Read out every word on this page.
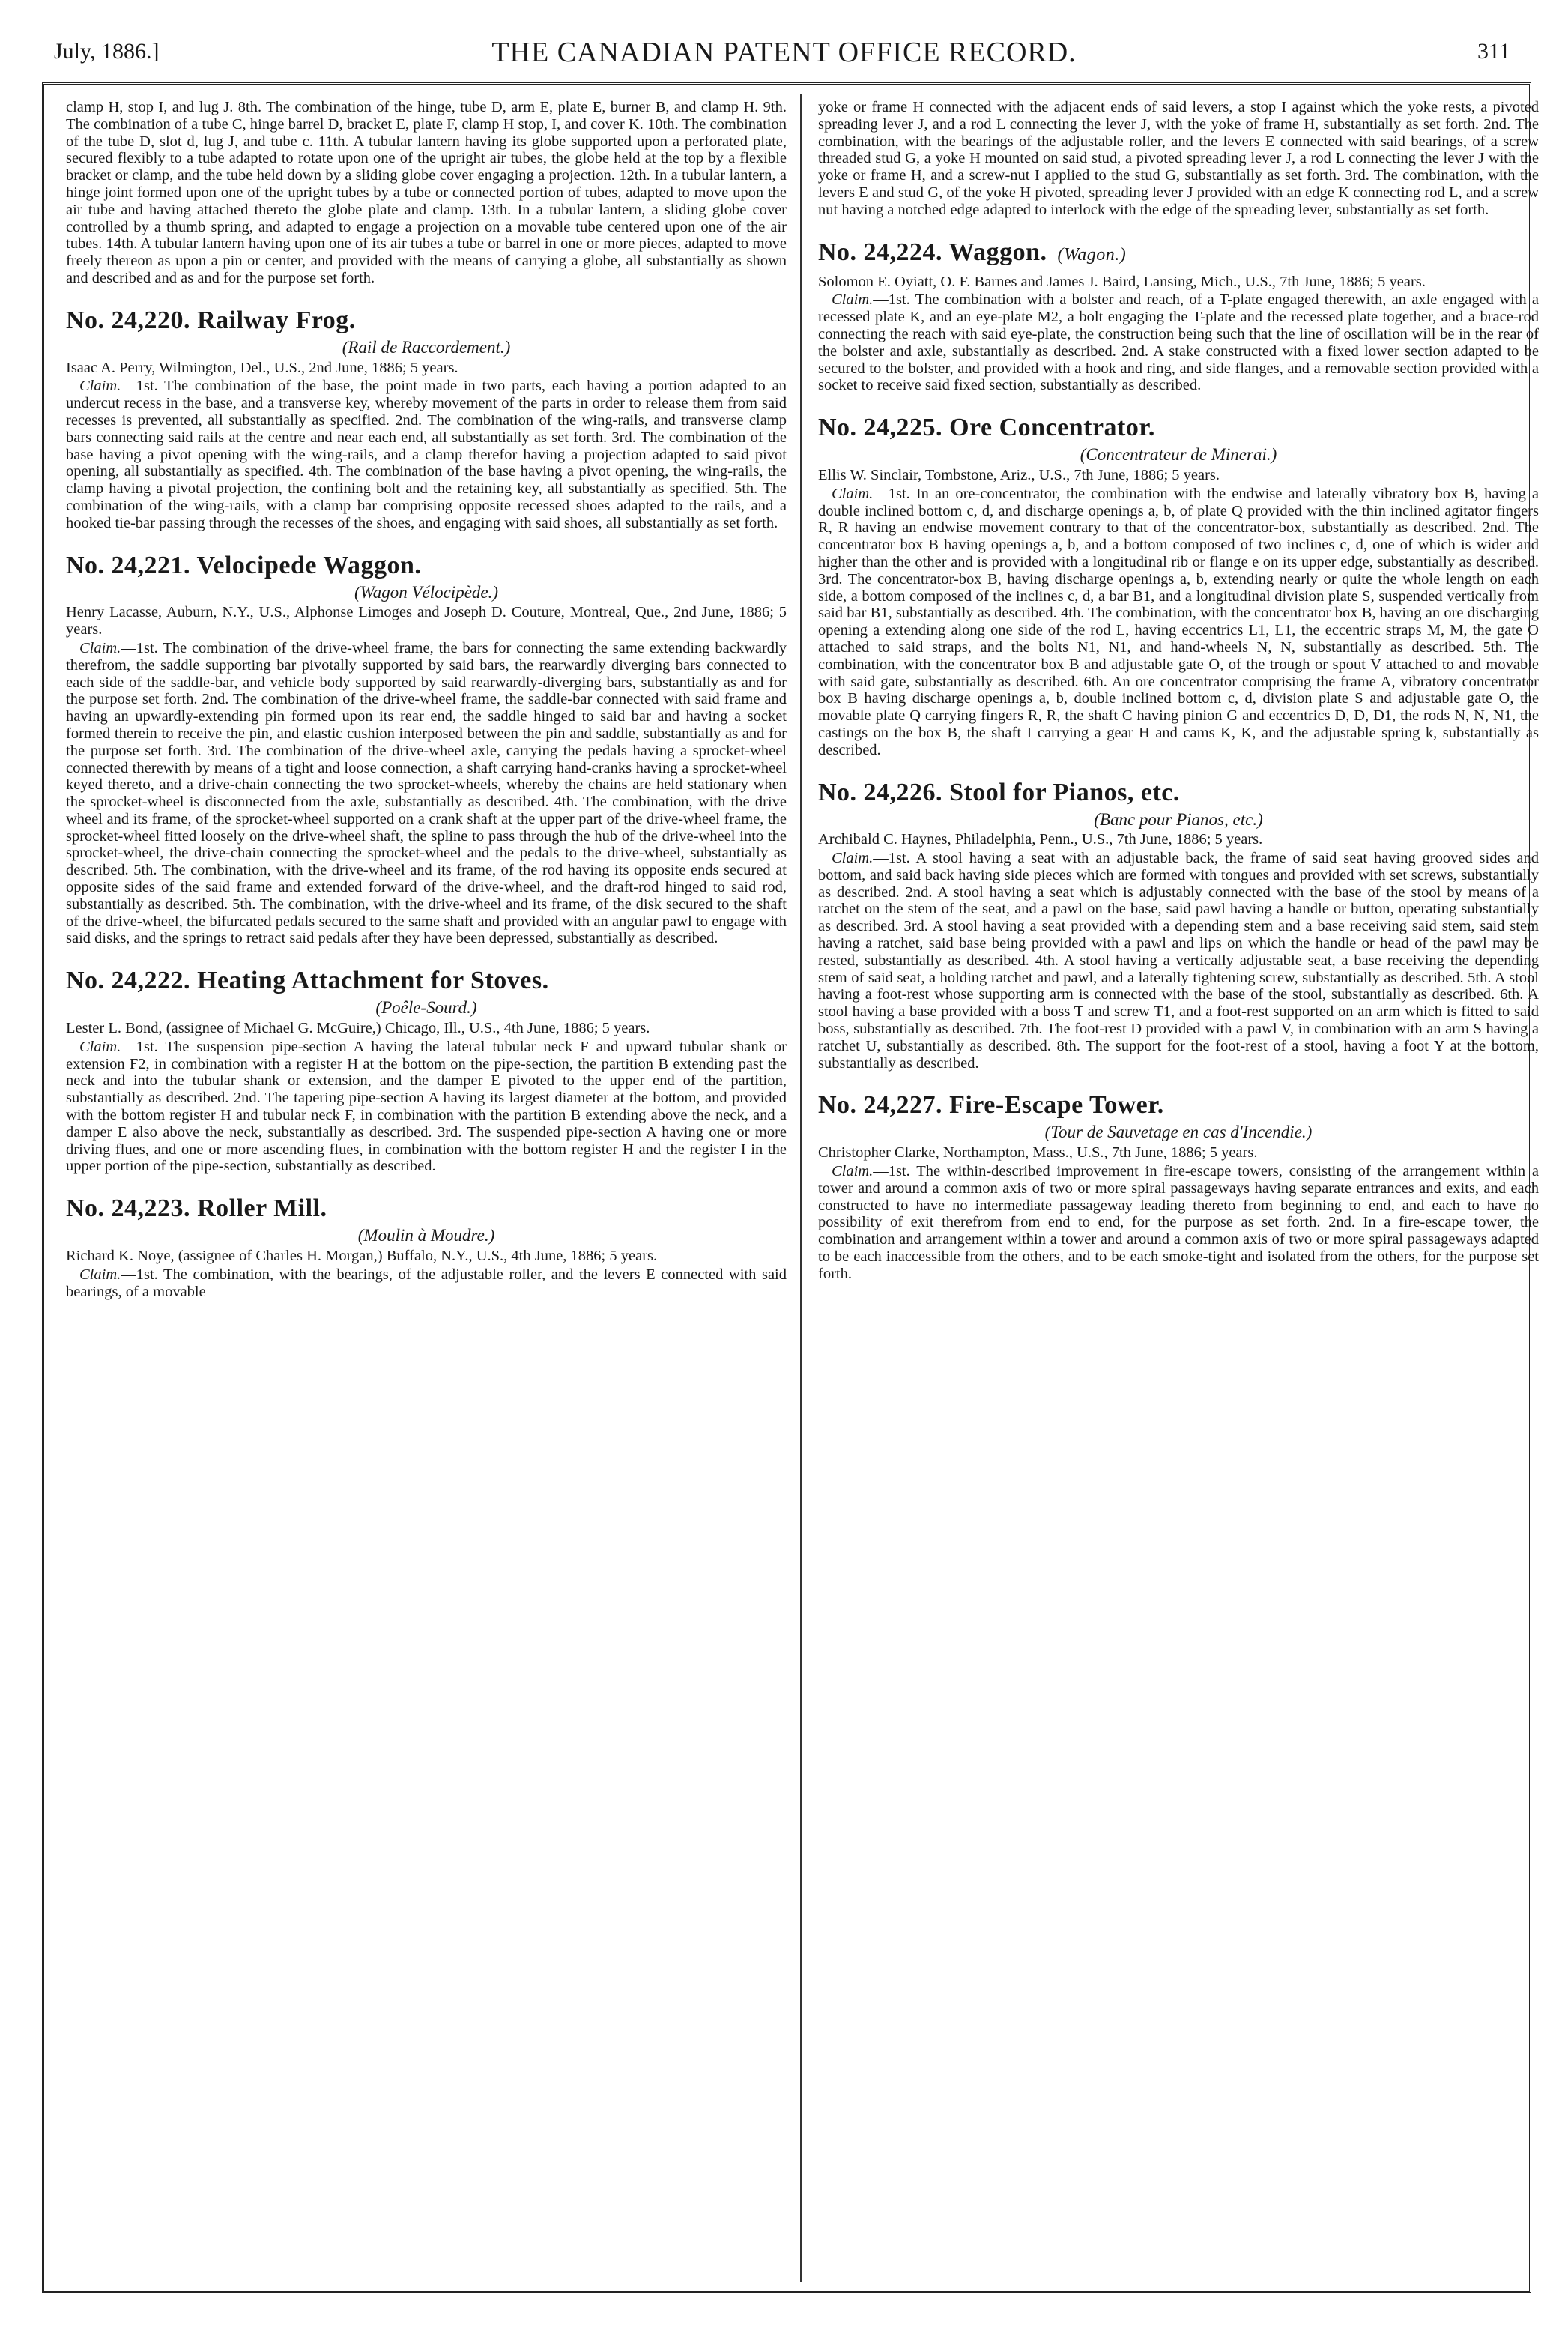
July, 1886.]	THE CANADIAN PATENT OFFICE RECORD.	311

clamp H, stop I, and lug J. 8th. The combination of the hinge, tube D, arm E, plate E, burner B, and clamp H. 9th. The combination of a tube C, hinge barrel D, bracket E, plate F, clamp H stop, I, and cover K. 10th. The combination of the tube D, slot d, lug J, and tube c. 11th. A tubular lantern having its globe supported upon a perforated plate, secured flexibly to a tube adapted to rotate upon one of the upright air tubes, the globe held at the top by a flexible bracket or clamp, and the tube held down by a sliding globe cover engaging a projection. 12th. In a tubular lantern, a hinge joint formed upon one of the upright tubes by a tube or connected portion of tubes, adapted to move upon the air tube and having attached thereto the globe plate and clamp. 13th. In a tubular lantern, a sliding globe cover controlled by a thumb spring, and adapted to engage a projection on a movable tube centered upon one of the air tubes. 14th. A tubular lantern having upon one of its air tubes a tube or barrel in one or more pieces, adapted to move freely thereon as upon a pin or center, and provided with the means of carrying a globe, all substantially as shown and described and as and for the purpose set forth.

No. 24,220. Railway Frog.
(Rail de Raccordement.)

Isaac A. Perry, Wilmington, Del., U.S., 2nd June, 1886; 5 years.

Claim.—1st. The combination of the base, the point made in two parts, each having a portion adapted to an undercut recess in the base, and a transverse key, whereby movement of the parts in order to release them from said recesses is prevented, all substantially as specified. 2nd. The combination of the wing-rails, and transverse clamp bars connecting said rails at the centre and near each end, all substantially as set forth. 3rd. The combination of the base having a pivot opening with the wing-rails, and a clamp therefor having a projection adapted to said pivot opening, all substantially as specified. 4th. The combination of the base having a pivot opening, the wing-rails, the clamp having a pivotal projection, the confining bolt and the retaining key, all substantially as specified. 5th. The combination of the wing-rails, with a clamp bar comprising opposite recessed shoes adapted to the rails, and a hooked tie-bar passing through the recesses of the shoes, and engaging with said shoes, all substantially as set forth.

No. 24,221. Velocipede Waggon.
(Wagon Vélocipède.)

Henry Lacasse, Auburn, N.Y., U.S., Alphonse Limoges and Joseph D. Couture, Montreal, Que., 2nd June, 1886; 5 years.

Claim.—1st. The combination of the drive-wheel frame, the bars for connecting the same extending backwardly therefrom, the saddle supporting bar pivotally supported by said bars, the rearwardly diverging bars connected to each side of the saddle-bar, and vehicle body supported by said rearwardly-diverging bars, substantially as and for the purpose set forth. 2nd. The combination of the drive-wheel frame, the saddle-bar connected with said frame and having an upwardly-extending pin formed upon its rear end, the saddle hinged to said bar and having a socket formed therein to receive the pin, and elastic cushion interposed between the pin and saddle, substantially as and for the purpose set forth. 3rd. The combination of the drive-wheel axle, carrying the pedals having a sprocket-wheel connected therewith by means of a tight and loose connection, a shaft carrying hand-cranks having a sprocket-wheel keyed thereto, and a drive-chain connecting the two sprocket-wheels, whereby the chains are held stationary when the sprocket-wheel is disconnected from the axle, substantially as described. 4th. The combination, with the drive wheel and its frame, of the sprocket-wheel supported on a crank shaft at the upper part of the drive-wheel frame, the sprocket-wheel fitted loosely on the drive-wheel shaft, the spline to pass through the hub of the drive-wheel into the sprocket-wheel, the drive-chain connecting the sprocket-wheel and the pedals to the drive-wheel, substantially as described. 5th. The combination, with the drive-wheel and its frame, of the rod having its opposite ends secured at opposite sides of the said frame and extended forward of the drive-wheel, and the draft-rod hinged to said rod, substantially as described. 5th. The combination, with the drive-wheel and its frame, of the disk secured to the shaft of the drive-wheel, the bifurcated pedals secured to the same shaft and provided with an angular pawl to engage with said disks, and the springs to retract said pedals after they have been depressed, substantially as described.

No. 24,222. Heating Attachment for Stoves.
(Poêle-Sourd.)

Lester L. Bond, (assignee of Michael G. McGuire,) Chicago, Ill., U.S., 4th June, 1886; 5 years.

Claim.—1st. The suspension pipe-section A having the lateral tubular neck F and upward tubular shank or extension F2, in combination with a register H at the bottom on the pipe-section, the partition B extending past the neck and into the tubular shank or extension, and the damper E pivoted to the upper end of the partition, substantially as described. 2nd. The tapering pipe-section A having its largest diameter at the bottom, and provided with the bottom register H and tubular neck F, in combination with the partition B extending above the neck, and a damper E also above the neck, substantially as described. 3rd. The suspended pipe-section A having one or more driving flues, and one or more ascending flues, in combination with the bottom register H and the register I in the upper portion of the pipe-section, substantially as described.

No. 24,223. Roller Mill.
(Moulin à Moudre.)

Richard K. Noye, (assignee of Charles H. Morgan,) Buffalo, N.Y., U.S., 4th June, 1886; 5 years.

Claim.—1st. The combination, with the bearings, of the adjustable roller, and the levers E connected with said bearings, of a movable

yoke or frame H connected with the adjacent ends of said levers, a stop I against which the yoke rests, a pivoted spreading lever J, and a rod L connecting the lever J, with the yoke of frame H, substantially as set forth. 2nd. The combination, with the bearings of the adjustable roller, and the levers E connected with said bearings, of a screw threaded stud G, a yoke H mounted on said stud, a pivoted spreading lever J, a rod L connecting the lever J with the yoke or frame H, and a screw-nut I applied to the stud G, substantially as set forth. 3rd. The combination, with the levers E and stud G, of the yoke H pivoted, spreading lever J provided with an edge K connecting rod L, and a screw nut having a notched edge adapted to interlock with the edge of the spreading lever, substantially as set forth.

No. 24,224. Waggon. (Wagon.)

Solomon E. Oyiatt, O. F. Barnes and James J. Baird, Lansing, Mich., U.S., 7th June, 1886; 5 years.

Claim.—1st. The combination with a bolster and reach, of a T-plate engaged therewith, an axle engaged with a recessed plate K, and an eye-plate M2, a bolt engaging the T-plate and the recessed plate together, and a brace-rod connecting the reach with said eye-plate, the construction being such that the line of oscillation will be in the rear of the bolster and axle, substantially as described. 2nd. A stake constructed with a fixed lower section adapted to be secured to the bolster, and provided with a hook and ring, and side flanges, and a removable section provided with a socket to receive said fixed section, substantially as described.

No. 24,225. Ore Concentrator.
(Concentrateur de Minerai.)

Ellis W. Sinclair, Tombstone, Ariz., U.S., 7th June, 1886; 5 years.

Claim.—1st. In an ore-concentrator, the combination with the endwise and laterally vibratory box B, having a double inclined bottom c, d, and discharge openings a, b, of plate Q provided with the thin inclined agitator fingers R, R having an endwise movement contrary to that of the concentrator-box, substantially as described. 2nd. The concentrator box B having openings a, b, and a bottom composed of two inclines c, d, one of which is wider and higher than the other and is provided with a longitudinal rib or flange e on its upper edge, substantially as described. 3rd. The concentrator-box B, having discharge openings a, b, extending nearly or quite the whole length on each side, a bottom composed of the inclines c, d, a bar B1, and a longitudinal division plate S, suspended vertically from said bar B1, substantially as described. 4th. The combination, with the concentrator box B, having an ore discharging opening a extending along one side of the rod L, having eccentrics L1, L1, the eccentric straps M, M, the gate O attached to said straps, and the bolts N1, N1, and hand-wheels N, N, substantially as described. 5th. The combination, with the concentrator box B and adjustable gate O, of the trough or spout V attached to and movable with said gate, substantially as described. 6th. An ore concentrator comprising the frame A, vibratory concentrator box B having discharge openings a, b, double inclined bottom c, d, division plate S and adjustable gate O, the movable plate Q carrying fingers R, R, the shaft C having pinion G and eccentrics D, D, D1, the rods N, N, N1, the castings on the box B, the shaft I carrying a gear H and cams K, K, and the adjustable spring k, substantially as described.

No. 24,226. Stool for Pianos, etc.
(Banc pour Pianos, etc.)

Archibald C. Haynes, Philadelphia, Penn., U.S., 7th June, 1886; 5 years.

Claim.—1st. A stool having a seat with an adjustable back, the frame of said seat having grooved sides and bottom, and said back having side pieces which are formed with tongues and provided with set screws, substantially as described. 2nd. A stool having a seat which is adjustably connected with the base of the stool by means of a ratchet on the stem of the seat, and a pawl on the base, said pawl having a handle or button, operating substantially as described. 3rd. A stool having a seat provided with a depending stem and a base receiving said stem, said stem having a ratchet, said base being provided with a pawl and lips on which the handle or head of the pawl may be rested, substantially as described. 4th. A stool having a vertically adjustable seat, a base receiving the depending stem of said seat, a holding ratchet and pawl, and a laterally tightening screw, substantially as described. 5th. A stool having a foot-rest whose supporting arm is connected with the base of the stool, substantially as described. 6th. A stool having a base provided with a boss T and screw T1, and a foot-rest supported on an arm which is fitted to said boss, substantially as described. 7th. The foot-rest D provided with a pawl V, in combination with an arm S having a ratchet U, substantially as described. 8th. The support for the foot-rest of a stool, having a foot Y at the bottom, substantially as described.

No. 24,227. Fire-Escape Tower.
(Tour de Sauvetage en cas d'Incendie.)

Christopher Clarke, Northampton, Mass., U.S., 7th June, 1886; 5 years.

Claim.—1st. The within-described improvement in fire-escape towers, consisting of the arrangement within a tower and around a common axis of two or more spiral passageways having separate entrances and exits, and each constructed to have no intermediate passageway leading thereto from beginning to end, and each to have no possibility of exit therefrom from end to end, for the purpose as set forth. 2nd. In a fire-escape tower, the combination and arrangement within a tower and around a common axis of two or more spiral passageways adapted to be each inaccessible from the others, and to be each smoke-tight and isolated from the others, for the purpose set forth.
